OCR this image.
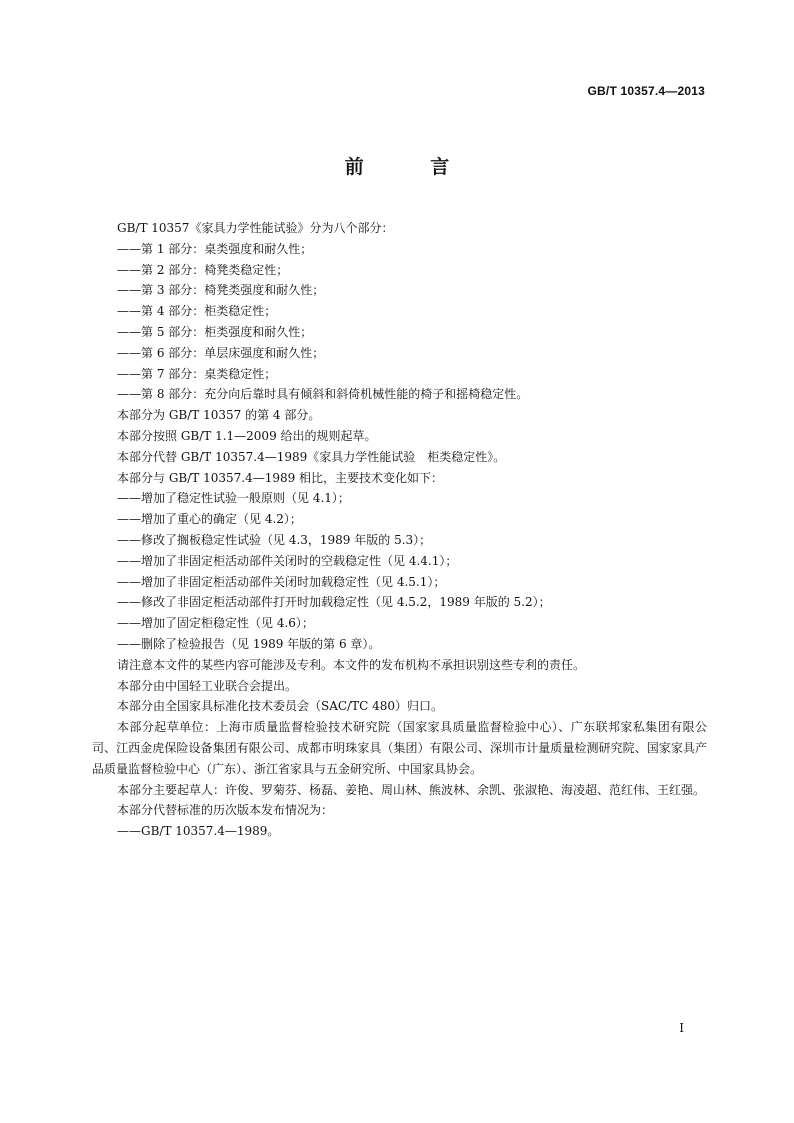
GB/T 10357.4—2013
前 言

GB/T 10357《家具力学性能试验》分为八个部分：

——第 1 部分：桌类强度和耐久性；

——第 2 部分：椅凳类稳定性；

——第 3 部分：椅凳类强度和耐久性；

——第 4 部分：柜类稳定性；

——第 5 部分：柜类强度和耐久性；

——第 6 部分：单层床强度和耐久性；

——第 7 部分：桌类稳定性；

——第 8 部分：充分向后靠时具有倾斜和斜倚机械性能的椅子和摇椅稳定性。

本部分为 GB/T 10357 的第 4 部分。

本部分按照 GB/T 1.1—2009 给出的规则起草。

本部分代替 GB/T 10357.4—1989《家具力学性能试验　柜类稳定性》。

本部分与 GB/T 10357.4—1989 相比，主要技术变化如下：

——增加了稳定性试验一般原则（见 4.1）；

——增加了重心的确定（见 4.2）；

——修改了搁板稳定性试验（见 4.3，1989 年版的 5.3）；

——增加了非固定柜活动部件关闭时的空载稳定性（见 4.4.1）；

——增加了非固定柜活动部件关闭时加载稳定性（见 4.5.1）；

——修改了非固定柜活动部件打开时加载稳定性（见 4.5.2，1989 年版的 5.2）；

——增加了固定柜稳定性（见 4.6）；

——删除了检验报告（见 1989 年版的第 6 章）。

请注意本文件的某些内容可能涉及专利。本文件的发布机构不承担识别这些专利的责任。

本部分由中国轻工业联合会提出。

本部分由全国家具标准化技术委员会（SAC/TC 480）归口。

本部分起草单位：上海市质量监督检验技术研究院（国家家具质量监督检验中心）、广东联邦家私集团有限公司、江西金虎保险设备集团有限公司、成都市明珠家具（集团）有限公司、深圳市计量质量检测研究院、国家家具产品质量监督检验中心（广东）、浙江省家具与五金研究所、中国家具协会。

本部分主要起草人：许俊、罗菊芬、杨磊、姜艳、周山林、熊波林、余凯、张淑艳、海凌超、范红伟、王红强。

本部分代替标准的历次版本发布情况为：

——GB/T 10357.4—1989。

I
